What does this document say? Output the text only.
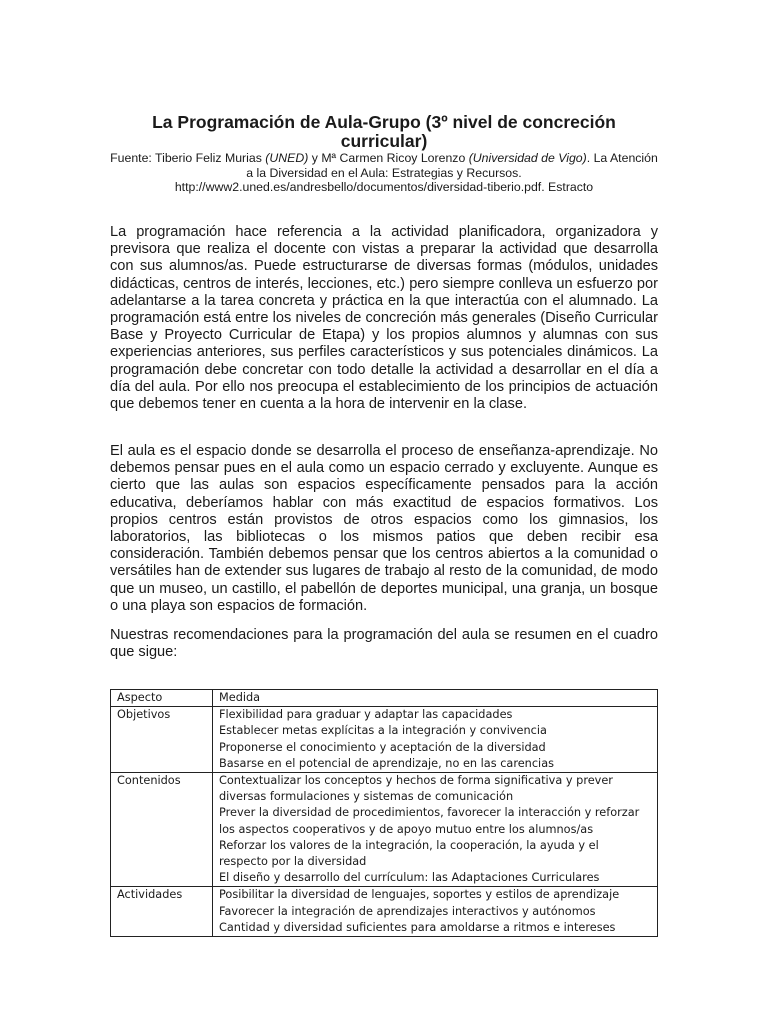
La Programación de Aula-Grupo (3º nivel de concreción curricular)

Fuente: Tiberio Feliz Murias (UNED) y Mª Carmen Ricoy Lorenzo (Universidad de Vigo). La Atención a la Diversidad en el Aula: Estrategias y Recursos.
http://www2.uned.es/andresbello/documentos/diversidad-tiberio.pdf. Estracto

La programación hace referencia a la actividad planificadora, organizadora y previsora que realiza el docente con vistas a preparar la actividad que desarrolla con sus alumnos/as. Puede estructurarse de diversas formas (módulos, unidades didácticas, centros de interés, lecciones, etc.) pero siempre conlleva un esfuerzo por adelantarse a la tarea concreta y práctica en la que interactúa con el alumnado. La programación está entre los niveles de concreción más generales (Diseño Curricular Base y Proyecto Curricular de Etapa) y los propios alumnos y alumnas con sus experiencias anteriores, sus perfiles característicos y sus potenciales dinámicos. La programación debe concretar con todo detalle la actividad a desarrollar en el día a día del aula. Por ello nos preocupa el establecimiento de los principios de actuación que debemos tener en cuenta a la hora de intervenir en la clase.

El aula es el espacio donde se desarrolla el proceso de enseñanza-aprendizaje. No debemos pensar pues en el aula como un espacio cerrado y excluyente. Aunque es cierto que las aulas son espacios específicamente pensados para la acción educativa, deberíamos hablar con más exactitud de espacios formativos. Los propios centros están provistos de otros espacios como los gimnasios, los laboratorios, las bibliotecas o los mismos patios que deben recibir esa consideración. También debemos pensar que los centros abiertos a la comunidad o versátiles han de extender sus lugares de trabajo al resto de la comunidad, de modo que un museo, un castillo, el pabellón de deportes municipal, una granja, un bosque o una playa son espacios de formación.

Nuestras recomendaciones para la programación del aula se resumen en el cuadro que sigue:

Aspecto	Medida
Objetivos	Flexibilidad para graduar y adaptar las capacidades
Establecer metas explícitas a la integración y convivencia
Proponerse el conocimiento y aceptación de la diversidad
Basarse en el potencial de aprendizaje, no en las carencias

Contenidos	Contextualizar los conceptos y hechos de forma significativa y prever diversas formulaciones y sistemas de comunicación
Prever la diversidad de procedimientos, favorecer la interacción y reforzar los aspectos cooperativos y de apoyo mutuo entre los alumnos/as
Reforzar los valores de la integración, la cooperación, la ayuda y el respecto por la diversidad
El diseño y desarrollo del currículum: las Adaptaciones Curriculares

Actividades	Posibilitar la diversidad de lenguajes, soportes y estilos de aprendizaje
Favorecer la integración de aprendizajes interactivos y autónomos
Cantidad y diversidad suficientes para amoldarse a ritmos e intereses
